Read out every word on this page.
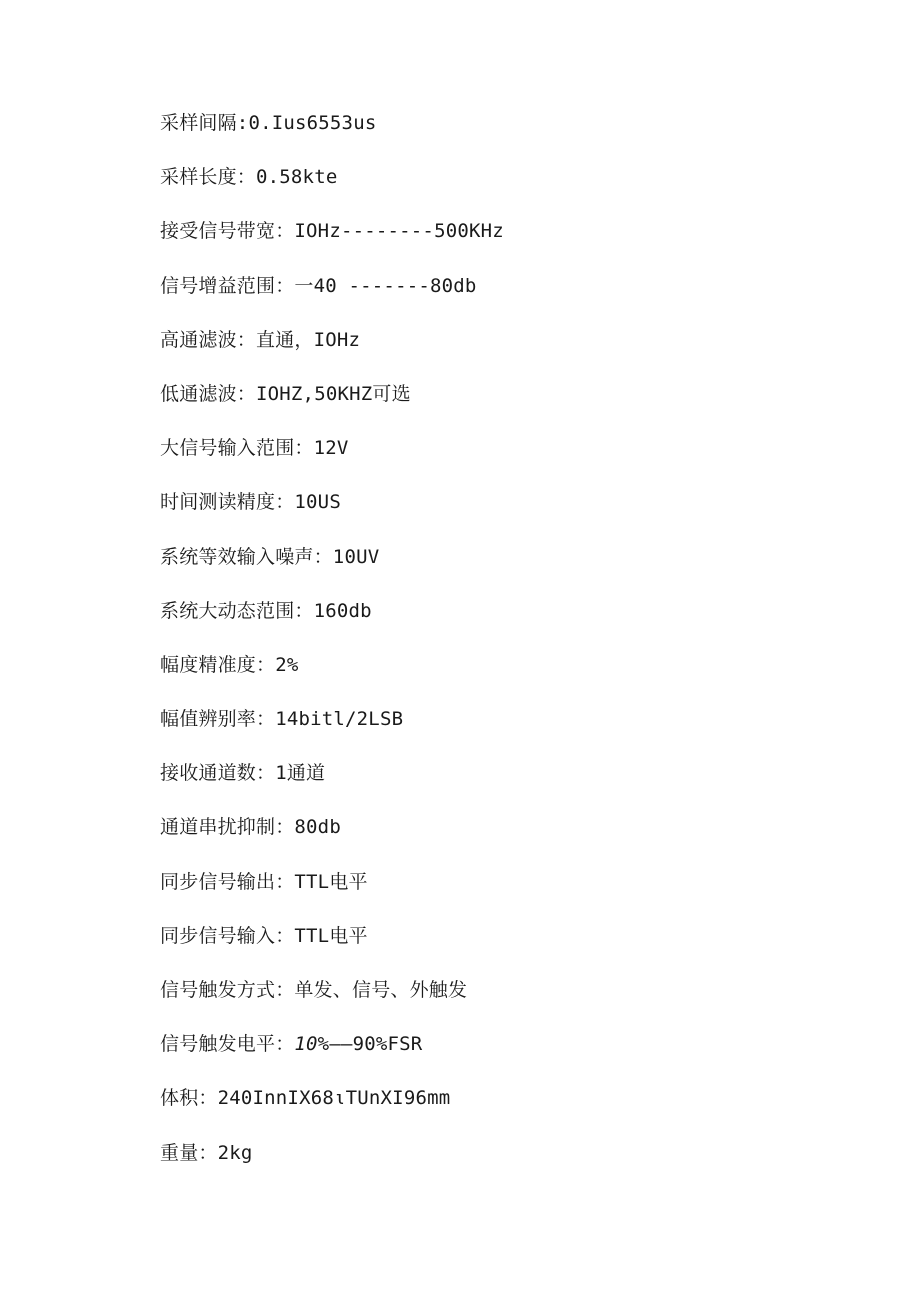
采样间隔:0.Ius6553us
采样长度：0.58kte
接受信号带宽：IOHz--------500KHz
信号增益范围：一40 -------80db
高通滤波：直通，IOHz
低通滤波：IOHZ,50KHZ可选
大信号输入范围：12V
时间测读精度：10US
系统等效输入噪声：10UV
系统大动态范围：160db
幅度精准度：2%
幅值辨别率：14bitl/2LSB
接收通道数：1通道
通道串扰抑制：80db
同步信号输出：TTL电平
同步信号输入：TTL电平
信号触发方式：单发、信号、外触发
信号触发电平：10%——90%FSR
体积：240InnIX68ιTUnXI96mm
重量：2kg
